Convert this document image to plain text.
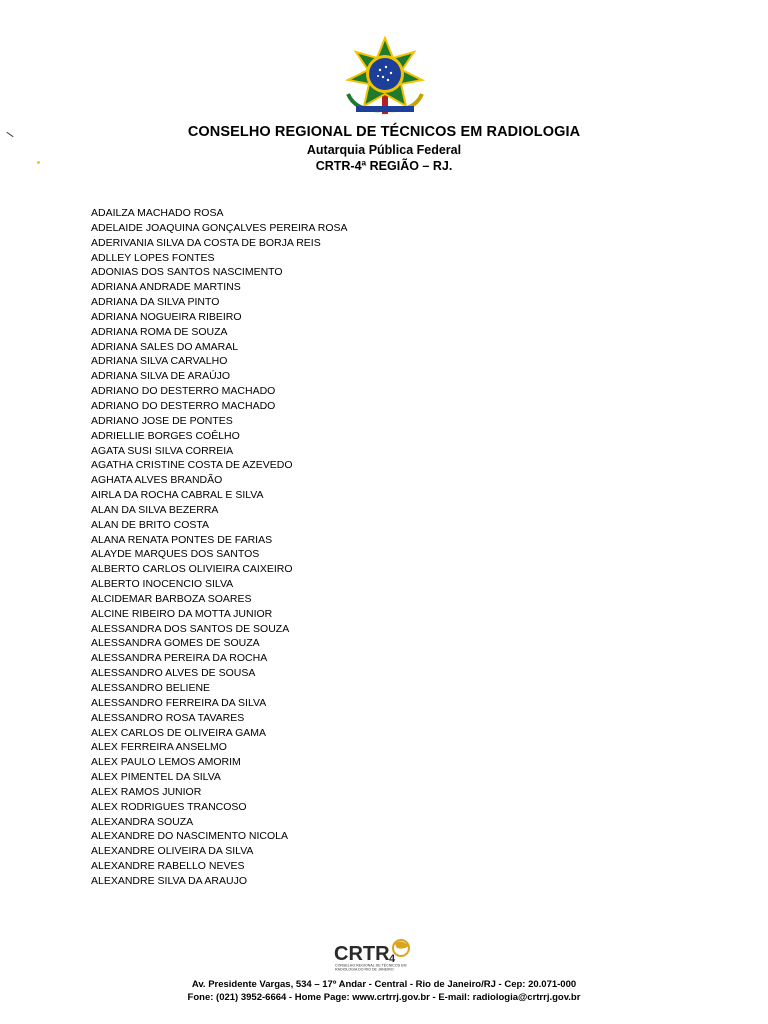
CONSELHO REGIONAL DE TÉCNICOS EM RADIOLOGIA
Autarquia Pública Federal
CRTR-4ª REGIÃO – RJ.
ADAILZA MACHADO ROSA
ADELAIDE JOAQUINA GONÇALVES PEREIRA ROSA
ADERIVANIA SILVA DA COSTA DE BORJA REIS
ADLLEY LOPES FONTES
ADONIAS DOS SANTOS NASCIMENTO
ADRIANA ANDRADE MARTINS
ADRIANA DA SILVA PINTO
ADRIANA NOGUEIRA RIBEIRO
ADRIANA ROMA DE SOUZA
ADRIANA SALES DO AMARAL
ADRIANA SILVA CARVALHO
ADRIANA SILVA DE ARAÚJO
ADRIANO DO DESTERRO MACHADO
ADRIANO DO DESTERRO MACHADO
ADRIANO JOSE DE PONTES
ADRIELLIE BORGES COÊLHO
AGATA SUSI SILVA CORREIA
AGATHA CRISTINE COSTA DE AZEVEDO
AGHATA ALVES BRANDÃO
AIRLA DA ROCHA CABRAL E SILVA
ALAN DA SILVA BEZERRA
ALAN DE BRITO COSTA
ALANA RENATA PONTES DE FARIAS
ALAYDE MARQUES DOS SANTOS
ALBERTO CARLOS OLIVIEIRA CAIXEIRO
ALBERTO INOCENCIO SILVA
ALCIDEMAR BARBOZA SOARES
ALCINE RIBEIRO DA MOTTA JUNIOR
ALESSANDRA DOS SANTOS DE SOUZA
ALESSANDRA GOMES DE SOUZA
ALESSANDRA PEREIRA DA ROCHA
ALESSANDRO ALVES DE SOUSA
ALESSANDRO BELIENE
ALESSANDRO FERREIRA DA SILVA
ALESSANDRO ROSA TAVARES
ALEX CARLOS DE OLIVEIRA GAMA
ALEX FERREIRA ANSELMO
ALEX PAULO LEMOS AMORIM
ALEX PIMENTEL DA SILVA
ALEX RAMOS JUNIOR
ALEX RODRIGUES TRANCOSO
ALEXANDRA SOUZA
ALEXANDRE DO NASCIMENTO NICOLA
ALEXANDRE OLIVEIRA DA SILVA
ALEXANDRE RABELLO NEVES
ALEXANDRE SILVA DA ARAUJO
CRTR 4
CONSELHO REGIONAL DE TÉCNICOS EM
RADIOLOGIA DO RIO DE JANEIRO
Av. Presidente Vargas, 534 – 17º Andar - Central - Rio de Janeiro/RJ - Cep: 20.071-000
Fone: (021) 3952-6664 - Home Page: www.crtrrj.gov.br - E-mail: radiologia@crtrrj.gov.br
